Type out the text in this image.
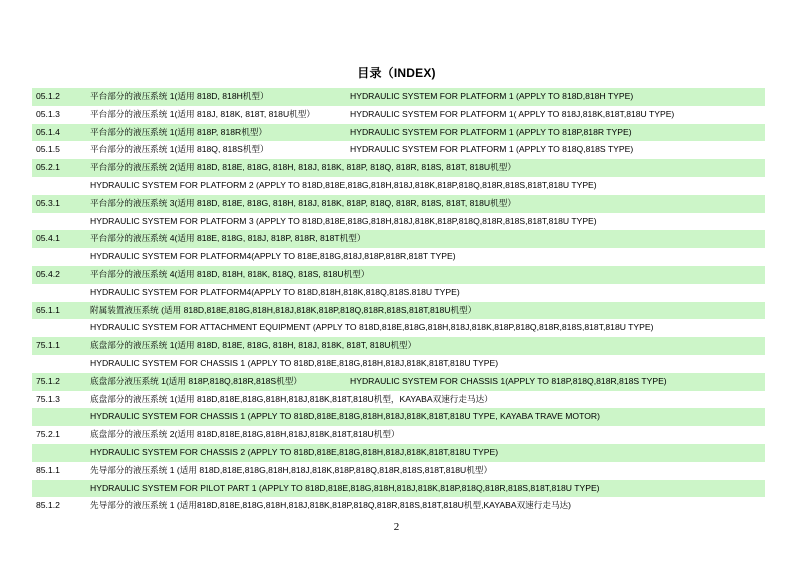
目录（INDEX)
05.1.2	平台部分的液压系统 1(适用 818D, 818H机型）	HYDRAULIC SYSTEM FOR PLATFORM 1 (APPLY TO 818D,818H TYPE)
05.1.3	平台部分的液压系统 1(适用 818J, 818K, 818T, 818U机型）	HYDRAULIC SYSTEM FOR PLATFORM 1( APPLY TO 818J,818K,818T,818U TYPE)
05.1.4	平台部分的液压系统 1(适用 818P, 818R机型）	HYDRAULIC SYSTEM FOR PLATFORM 1 (APPLY TO 818P,818R TYPE)
05.1.5	平台部分的液压系统 1(适用 818Q, 818S机型）	HYDRAULIC SYSTEM FOR PLATFORM 1 (APPLY TO 818Q,818S TYPE)
05.2.1	平台部分的液压系统 2(适用 818D, 818E, 818G, 818H, 818J, 818K, 818P, 818Q, 818R, 818S, 818T, 818U机型）
HYDRAULIC SYSTEM FOR PLATFORM 2 (APPLY TO 818D,818E,818G,818H,818J,818K,818P,818Q,818R,818S,818T,818U TYPE)
05.3.1	平台部分的液压系统 3(适用 818D, 818E, 818G, 818H, 818J, 818K, 818P, 818Q, 818R, 818S, 818T, 818U机型）
HYDRAULIC SYSTEM FOR PLATFORM 3 (APPLY TO 818D,818E,818G,818H,818J,818K,818P,818Q,818R,818S,818T,818U TYPE)
05.4.1	平台部分的液压系统 4(适用 818E, 818G, 818J, 818P, 818R, 818T机型）
HYDRAULIC SYSTEM FOR PLATFORM4(APPLY TO 818E,818G,818J,818P,818R,818T TYPE)
05.4.2	平台部分的液压系统 4(适用 818D, 818H, 818K, 818Q, 818S, 818U机型）
HYDRAULIC SYSTEM FOR PLATFORM4(APPLY TO 818D,818H,818K,818Q,818S.818U TYPE)
65.1.1	附属装置液压系统 (适用 818D,818E,818G,818H,818J,818K,818P,818Q,818R,818S,818T,818U机型）
HYDRAULIC SYSTEM FOR ATTACHMENT EQUIPMENT (APPLY TO 818D,818E,818G,818H,818J,818K,818P,818Q,818R,818S,818T,818U TYPE)
75.1.1	底盘部分的液压系统 1(适用 818D, 818E, 818G, 818H, 818J, 818K, 818T, 818U机型）
HYDRAULIC SYSTEM FOR CHASSIS 1 (APPLY TO 818D,818E,818G,818H,818J,818K,818T,818U TYPE)
75.1.2	底盘部分液压系统 1(适用 818P,818Q,818R,818S机型）	HYDRAULIC SYSTEM FOR CHASSIS 1(APPLY TO 818P,818Q,818R,818S TYPE)
75.1.3	底盘部分的液压系统 1(适用 818D,818E,818G,818H,818J,818K,818T,818U机型，KAYABA双速行走马达）
HYDRAULIC SYSTEM FOR CHASSIS 1 (APPLY TO 818D,818E,818G,818H,818J,818K,818T,818U TYPE, KAYABA TRAVE MOTOR)
75.2.1	底盘部分的液压系统 2(适用 818D,818E,818G,818H,818J,818K,818T,818U机型）
HYDRAULIC SYSTEM FOR CHASSIS 2 (APPLY TO 818D,818E,818G,818H,818J,818K,818T,818U TYPE)
85.1.1	先导部分的液压系统 1 (适用 818D,818E,818G,818H,818J,818K,818P,818Q,818R,818S,818T,818U机型）
HYDRAULIC SYSTEM FOR PILOT PART 1 (APPLY TO 818D,818E,818G,818H,818J,818K,818P,818Q,818R,818S,818T,818U TYPE)
85.1.2	先导部分的液压系统 1 (适用818D,818E,818G,818H,818J,818K,818P,818Q,818R,818S,818T,818U机型,KAYABA双速行走马达)
2
